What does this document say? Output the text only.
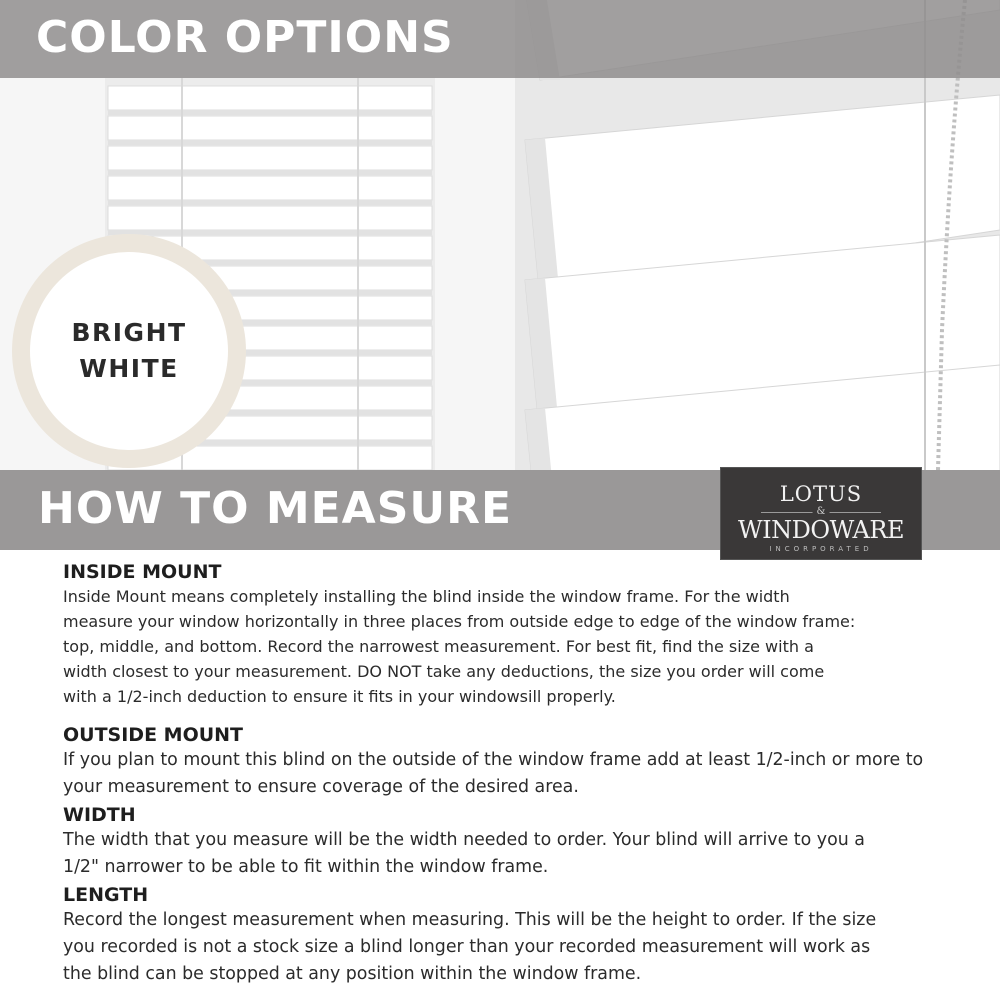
BRIGHT
WHITE
COLOR OPTIONS
HOW TO MEASURE	LOTUS
&
WINDOWARE
INCORPORATED
INSIDE MOUNT
Inside Mount means completely installing the blind inside the window frame. For the width
measure your window horizontally in three places from outside edge to edge of the window frame:
top, middle, and bottom. Record the narrowest measurement. For best fit, find the size with a
width closest to your measurement. DO NOT take any deductions, the size you order will come
with a 1/2-inch deduction to ensure it fits in your windowsill properly.
OUTSIDE MOUNT
If you plan to mount this blind on the outside of the window frame add at least 1/2-inch or more to
your measurement to ensure coverage of the desired area.
WIDTH
The width that you measure will be the width needed to order. Your blind will arrive to you a
1/2" narrower to be able to fit within the window frame.
LENGTH
Record the longest measurement when measuring. This will be the height to order. If the size
you recorded is not a stock size a blind longer than your recorded measurement will work as
the blind can be stopped at any position within the window frame.
